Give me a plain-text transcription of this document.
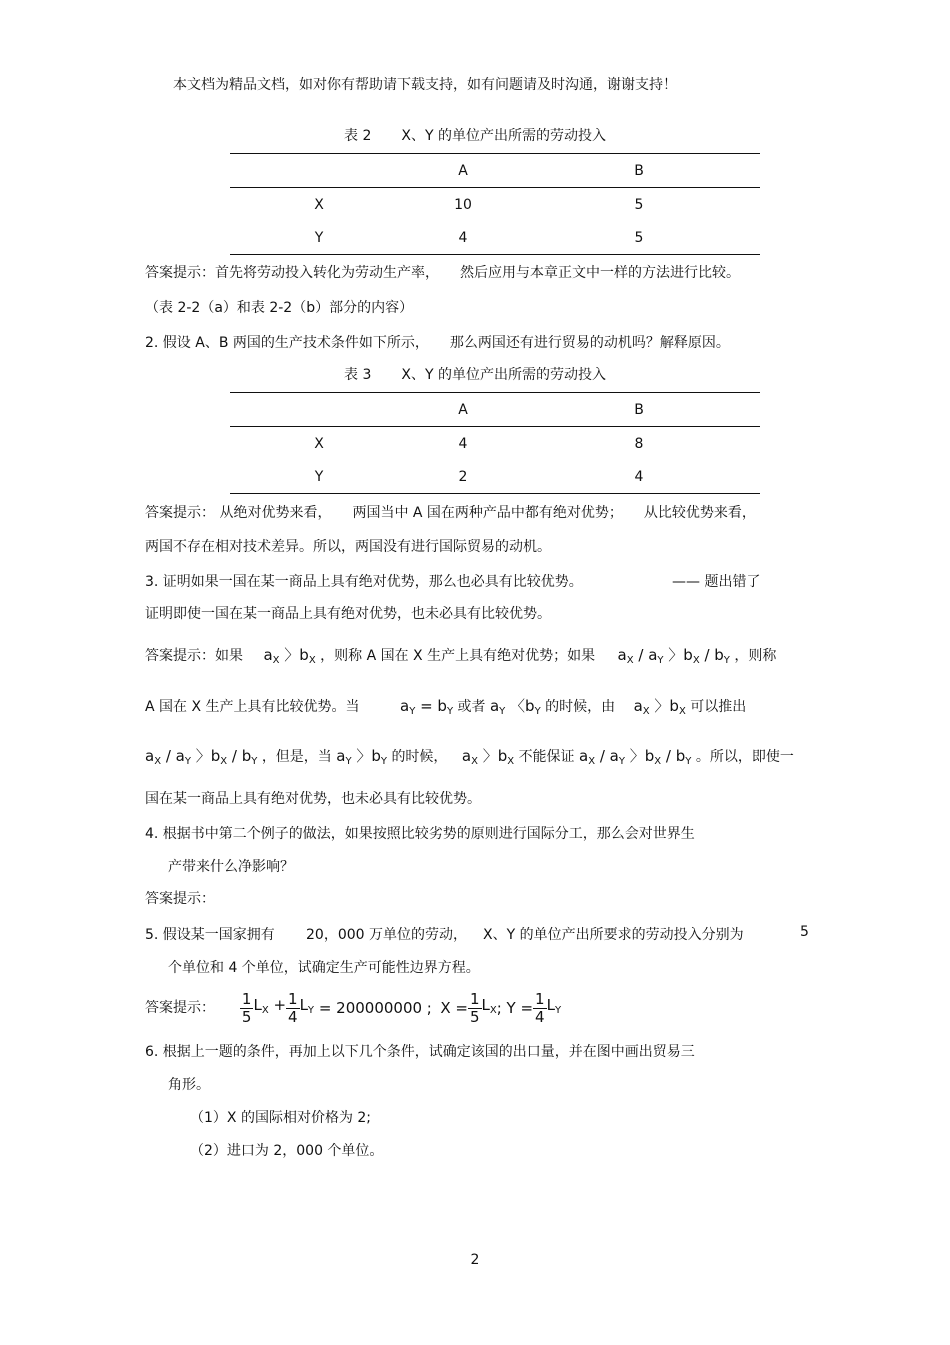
本文档为精品文档，如对你有帮助请下载支持，如有问题请及时沟通，谢谢支持！
表 2 X、Y 的单位产出所需的劳动投入
	A	B
X	10	5
Y	4	5
答案提示：首先将劳动投入转化为劳动生产率，　　然后应用与本章正文中一样的方法进行比较。
（表 2-2（a）和表 2-2（b）部分的内容）
2. 假设 A、B 两国的生产技术条件如下所示，　　那么两国还有进行贸易的动机吗？解释原因。
表 3 X、Y 的单位产出所需的劳动投入
	A	B
X	4	8
Y	2	4
答案提示： 从绝对优势来看，　　两国当中 A 国在两种产品中都有绝对优势；　　从比较优势来看，
两国不存在相对技术差异。所以，两国没有进行国际贸易的动机。
3. 证明如果一国在某一商品上具有绝对优势，那么也必具有比较优势。	—— 题出错了
证明即使一国在某一商品上具有绝对优势，也未必具有比较优势。
答案提示：如果 $a_X$ 〉$b_X$ ，则称 A 国在 X 生产上具有绝对优势；如果 $a_X / a_Y$ 〉$b_X / b_Y$ ，则称
A 国在 X 生产上具有比较优势。当	$a_Y = b_Y$ 或者 $a_Y$ 〈$b_Y$ 的时候，由 $a_X$ 〉$b_X$ 可以推出
$a_X / a_Y$ 〉$b_X / b_Y$ ，但是，当 $a_Y$ 〉$b_Y$ 的时候， $a_X$ 〉$b_X$ 不能保证 $a_X / a_Y$ 〉$b_X / b_Y$ 。所以，即使一
国在某一商品上具有绝对优势，也未必具有比较优势。
4. 根据书中第二个例子的做法，如果按照比较劣势的原则进行国际分工，那么会对世界生
产带来什么净影响？
答案提示：
5. 假设某一国家拥有 20，000 万单位的劳动， X、Y 的单位产出所要求的劳动投入分别为	5
个单位和 4 个单位，试确定生产可能性边界方程。
答案提示： $\frac{1}{5} L_X + \frac{1}{4} L_Y = 200000000$ ; $X = \frac{1}{5} L_X$; $Y = \frac{1}{4} L_Y$
6. 根据上一题的条件，再加上以下几个条件，试确定该国的出口量，并在图中画出贸易三
角形。
（1）X 的国际相对价格为 2;
（2）进口为 2，000 个单位。
2
